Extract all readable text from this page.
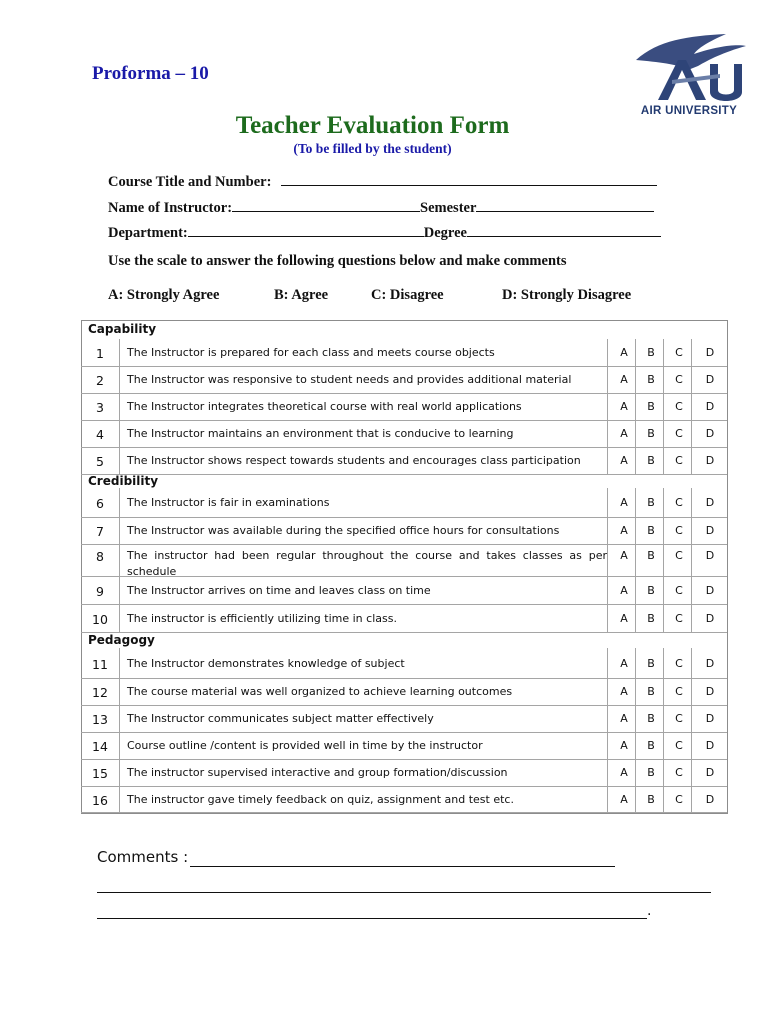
Proforma – 10
AIR UNIVERSITY
Teacher Evaluation Form
(To be filled by the student)
Course Title and Number:
Name of Instructor:	Semester
Department:	Degree
Use the scale to answer the following questions below and make comments
A: Strongly Agree	B: Agree	C: Disagree	D: Strongly Disagree
Capability
1	The Instructor is prepared for each class and meets course objects	A B C D
2	The Instructor was responsive to student needs and provides additional material	A B C D
3	The Instructor integrates theoretical course with real world applications	A B C D
4	The Instructor maintains an environment that is conducive to learning	A B C D
5	The Instructor shows respect towards students and encourages class participation	A B C D
Credibility
6	The Instructor is fair in examinations	A B C D
7	The Instructor was available during the specified office hours for consultations	A B C D
8	The instructor had been regular throughout the course and takes classes as per schedule
A B C D
9	The Instructor arrives on time and leaves class on time	A B C D
10	The instructor is efficiently utilizing time in class.	A B C D
Pedagogy
11	The Instructor demonstrates knowledge of subject	A B C D
12	The course material was well organized to achieve learning outcomes	A B C D
13	The Instructor communicates subject matter effectively	A B C D
14	Course outline /content is provided well in time by the instructor	A B C D
15	The instructor supervised interactive and group formation/discussion	A B C D
16	The instructor gave timely feedback on quiz, assignment and test etc.	A B C D
Comments :
.
